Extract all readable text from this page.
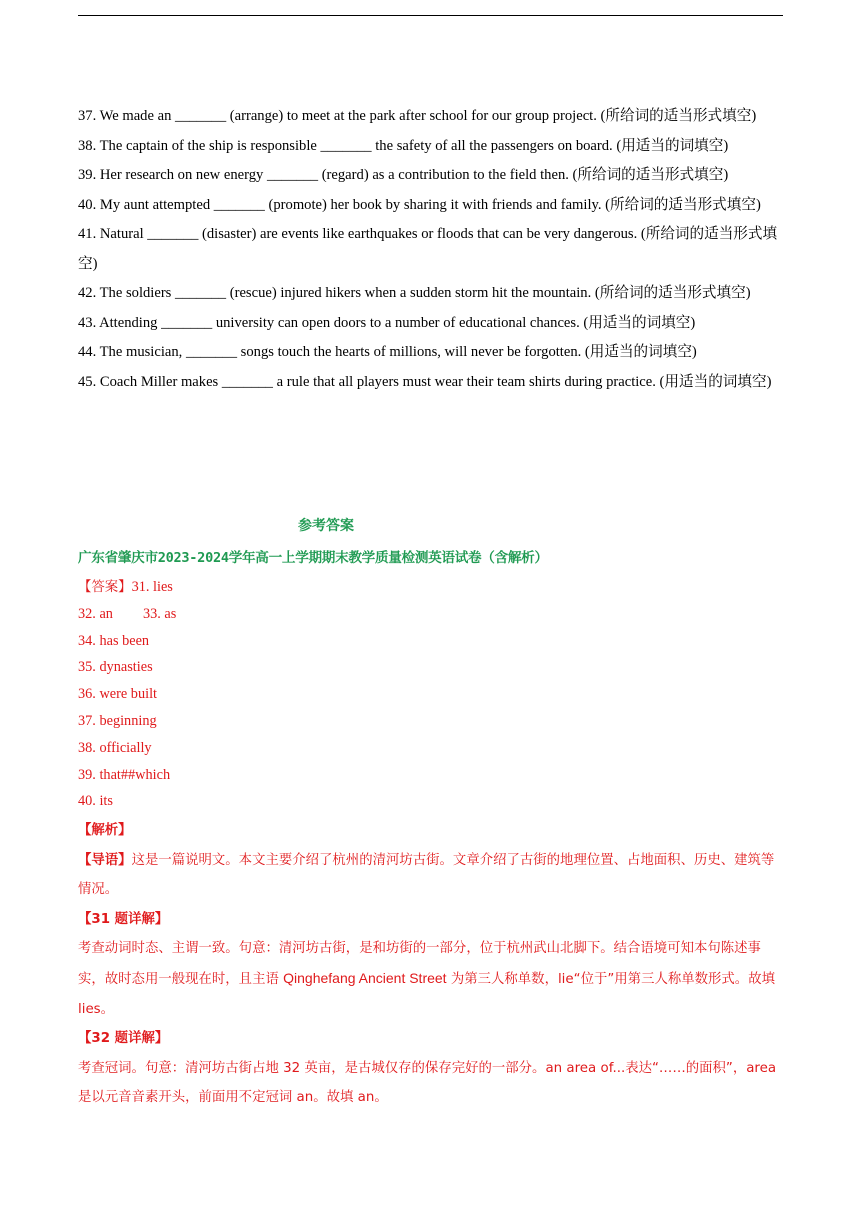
37. We made an _______ (arrange) to meet at the park after school for our group project. (所给词的适当形式填空)

38. The captain of the ship is responsible _______ the safety of all the passengers on board. (用适当的词填空)

39. Her research on new energy _______ (regard) as a contribution to the field then. (所给词的适当形式填空)

40. My aunt attempted _______ (promote) her book by sharing it with friends and family. (所给词的适当形式填空)

41. Natural _______ (disaster) are events like earthquakes or floods that can be very dangerous. (所给词的适当形式填空)

42. The soldiers _______ (rescue) injured hikers when a sudden storm hit the mountain. (所给词的适当形式填空)

43. Attending _______ university can open doors to a number of educational chances. (用适当的词填空)

44. The musician, _______ songs touch the hearts of millions, will never be forgotten. (用适当的词填空)

45. Coach Miller makes _______ a rule that all players must wear their team shirts during practice. (用适当的词填空)

参考答案
广东省肇庆市2023-2024学年高一上学期期末教学质量检测英语试卷（含解析）
【答案】31. lies
32. an 33. as
34. has been
35. dynasties
36. were built
37. beginning
38. officially
39. that##which
40. its

【解析】

【导语】这是一篇说明文。本文主要介绍了杭州的清河坊古街。文章介绍了古街的地理位置、占地面积、历史、建筑等情况。

【31 题详解】

考查动词时态、主谓一致。句意：清河坊古街，是和坊街的一部分，位于杭州武山北脚下。结合语境可知本句陈述事实，故时态用一般现在时，且主语 Qinghefang Ancient Street 为第三人称单数，lie“位于”用第三人称单数形式。故填 lies。

【32 题详解】

考查冠词。句意：清河坊古街占地 32 英亩，是古城仅存的保存完好的一部分。an area of...表达“……的面积”，area 是以元音音素开头，前面用不定冠词 an。故填 an。
